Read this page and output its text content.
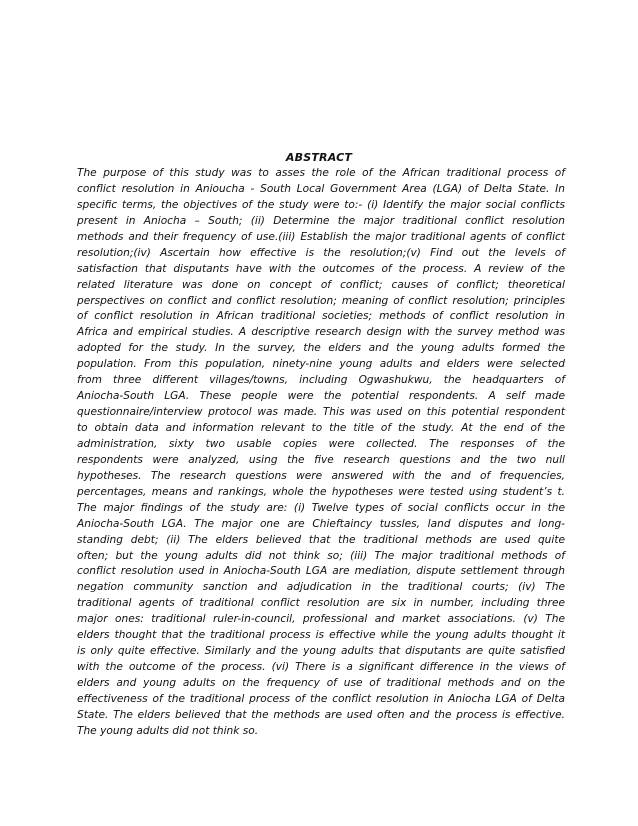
ABSTRACT
The purpose of this study was to asses the role of the African traditional process of
conflict resolution in Anioucha - South Local Government Area (LGA) of Delta State. In
specific terms, the objectives of the study were to:- (i) Identify the major social conflicts
present in Aniocha – South; (ii) Determine the major traditional conflict resolution
methods and their frequency of use.(iii) Establish the major traditional agents of conflict
resolution;(iv) Ascertain how effective is the resolution;(v) Find out the levels of
satisfaction that disputants have with the outcomes of the process. A review of the
related literature was done on concept of conflict; causes of conflict; theoretical
perspectives on conflict and conflict resolution; meaning of conflict resolution; principles
of conflict resolution in African traditional societies; methods of conflict resolution in
Africa and empirical studies. A descriptive research design with the survey method was
adopted for the study. In the survey, the elders and the young adults formed the
population. From this population, ninety-nine young adults and elders were selected
from three different villages/towns, including Ogwashukwu, the headquarters of
Aniocha-South LGA. These people were the potential respondents. A self made
questionnaire/interview protocol was made. This was used on this potential respondent
to obtain data and information relevant to the title of the study. At the end of the
administration, sixty two usable copies were collected. The responses of the
respondents were analyzed, using the five research questions and the two null
hypotheses. The research questions were answered with the and of frequencies,
percentages, means and rankings, whole the hypotheses were tested using student’s t.
The major findings of the study are: (i) Twelve types of social conflicts occur in the
Aniocha-South LGA. The major one are Chieftaincy tussles, land disputes and long-
standing debt; (ii) The elders believed that the traditional methods are used quite
often; but the young adults did not think so; (iii) The major traditional methods of
conflict resolution used in Aniocha-South LGA are mediation, dispute settlement through
negation community sanction and adjudication in the traditional courts; (iv) The
traditional agents of traditional conflict resolution are six in number, including three
major ones: traditional ruler-in-council, professional and market associations. (v) The
elders thought that the traditional process is effective while the young adults thought it
is only quite effective. Similarly and the young adults that disputants are quite satisfied
with the outcome of the process. (vi) There is a significant difference in the views of
elders and young adults on the frequency of use of traditional methods and on the
effectiveness of the traditional process of the conflict resolution in Aniocha LGA of Delta
State. The elders believed that the methods are used often and the process is effective.
The young adults did not think so.
